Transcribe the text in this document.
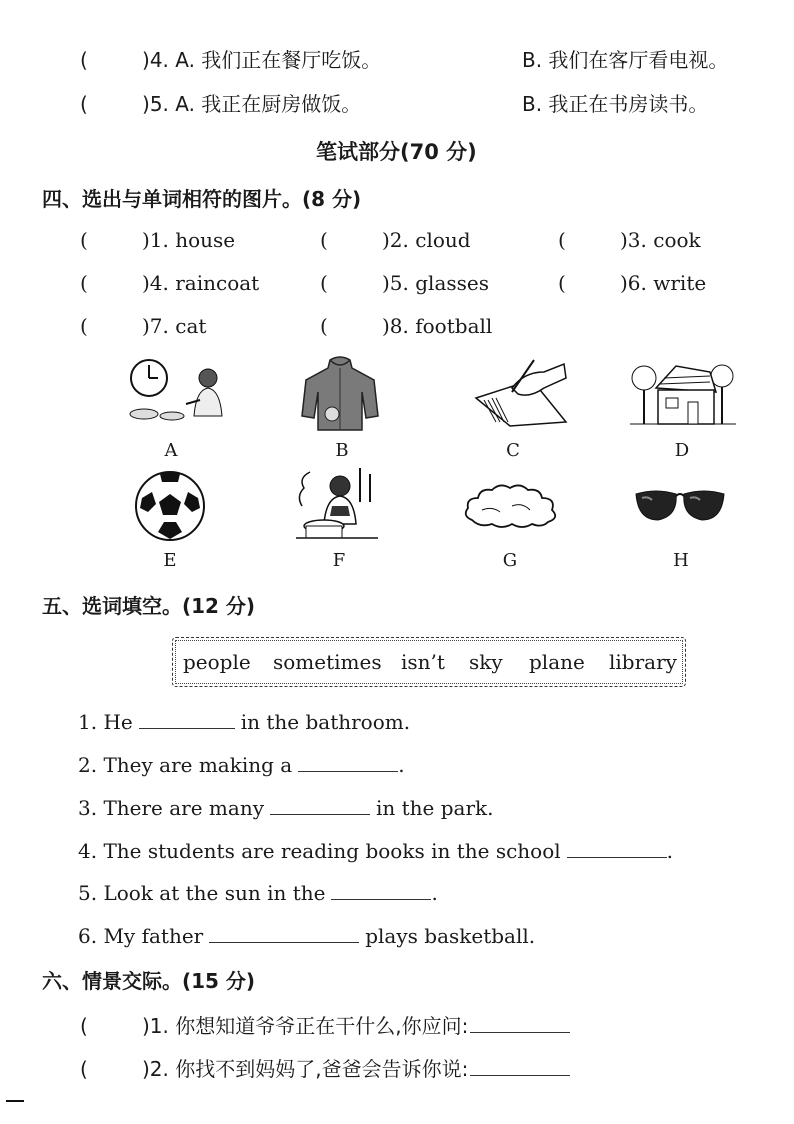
(	)4. A. 我们正在餐厅吃饭。	B. 我们在客厅看电视。
(	)5. A. 我正在厨房做饭。	B. 我正在书房读书。
笔试部分(70 分)
四、选出与单词相符的图片。(8 分)
(	)1. house	(	)2. cloud	(	)3. cook
(	)4. raincoat	(	)5. glasses	(	)6. write
(	)7. cat	(	)8. football
A	B	C	D
E	F	G	H
五、选词填空。(12 分)
people sometimes isn’t sky plane library
1. He	in the bathroom.
2. They are making a	.
3. There are many	in the park.
4. The students are reading books in the school	.
5. Look at the sun in the	.
6. My father	plays basketball.
六、情景交际。(15 分)
(	)1. 你想知道爷爷正在干什么,你应问:
(	)2. 你找不到妈妈了,爸爸会告诉你说:
